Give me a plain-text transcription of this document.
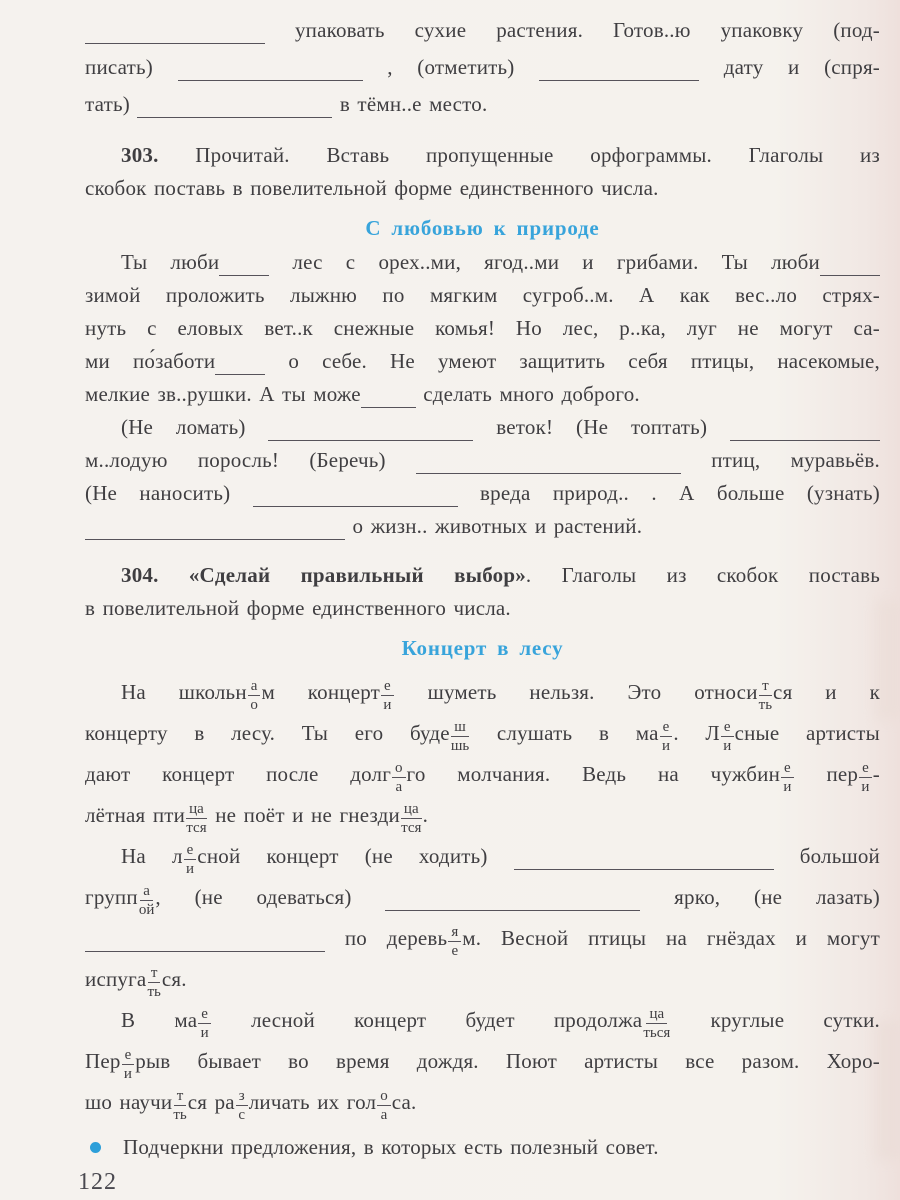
упаковать сухие растения. Готов..ю упаковку (под-
писать)	, (отметить)	дату и (спря-
тать)	в тёмн..е место.
303. Прочитай. Вставь пропущенные орфограммы. Глаголы из
скобок поставь в повелительной форме единственного числа.
С любовью к природе
Ты люби лес с орех..ми, ягод..ми и грибами. Ты люби
зимой проложить лыжню по мягким сугроб..м. А как вес..ло стрях-
нуть с еловых вет..к снежные комья! Но лес, р..ка, луг не могут са-
ми по́заботи о себе. Не умеют защитить себя птицы, насекомые,
мелкие зв..рушки. А ты може	сделать много доброго.
(Не ломать)	веток! (Не топтать)
м..лодую поросль! (Беречь)	птиц, муравьёв.
(Не наносить)	вреда природ.. . А больше (узнать)
о жизн.. животных и растений.
304. «Сделай правильный выбор». Глаголы из скобок поставь
в повелительной форме единственного числа.
Концерт в лесу
На школьн $\frac{а}{о}$ м концерт $\frac{е}{и}$ шуметь нельзя. Это относи $\frac{т}{ть}$ ся и к
концерту в лесу. Ты его буде $\frac{ш}{шь}$ слушать в ма $\frac{е}{и}$ . Л $\frac{е}{и}$ сные артисты
дают концерт после долг $\frac{о}{а}$ го молчания. Ведь на чужбин $\frac{е}{и}$ пер $\frac{е}{и}$ -
лётная пти $\frac{ца}{\text{тся}}$ не поёт и не гнезди $\frac{ца}{\text{тся}}$ .
На л $\frac{е}{и}$ сной концерт (не ходить)	большой
групп $\frac{а}{ой}$ , (не одеваться)	ярко, (не лазать)
по деревь $\frac{я}{е} м$. Весной птицы на гнёздах и могут
испуга $\frac{т}{ть}$ ся.
В ма $\frac{е}{и}$ лесной концерт будет продолжа $\frac{ца}{\text{ться}}$ круглые сутки.
Пер $\frac{е}{и}$ рыв бывает во время дождя. Поют артисты все разом. Хоро-
шо научи $\frac{т}{ть}$ ся ра $\frac{з}{с}$ личать их гол $\frac{о}{а}$ са.
Подчеркни предложения, в которых есть полезный совет.
122
